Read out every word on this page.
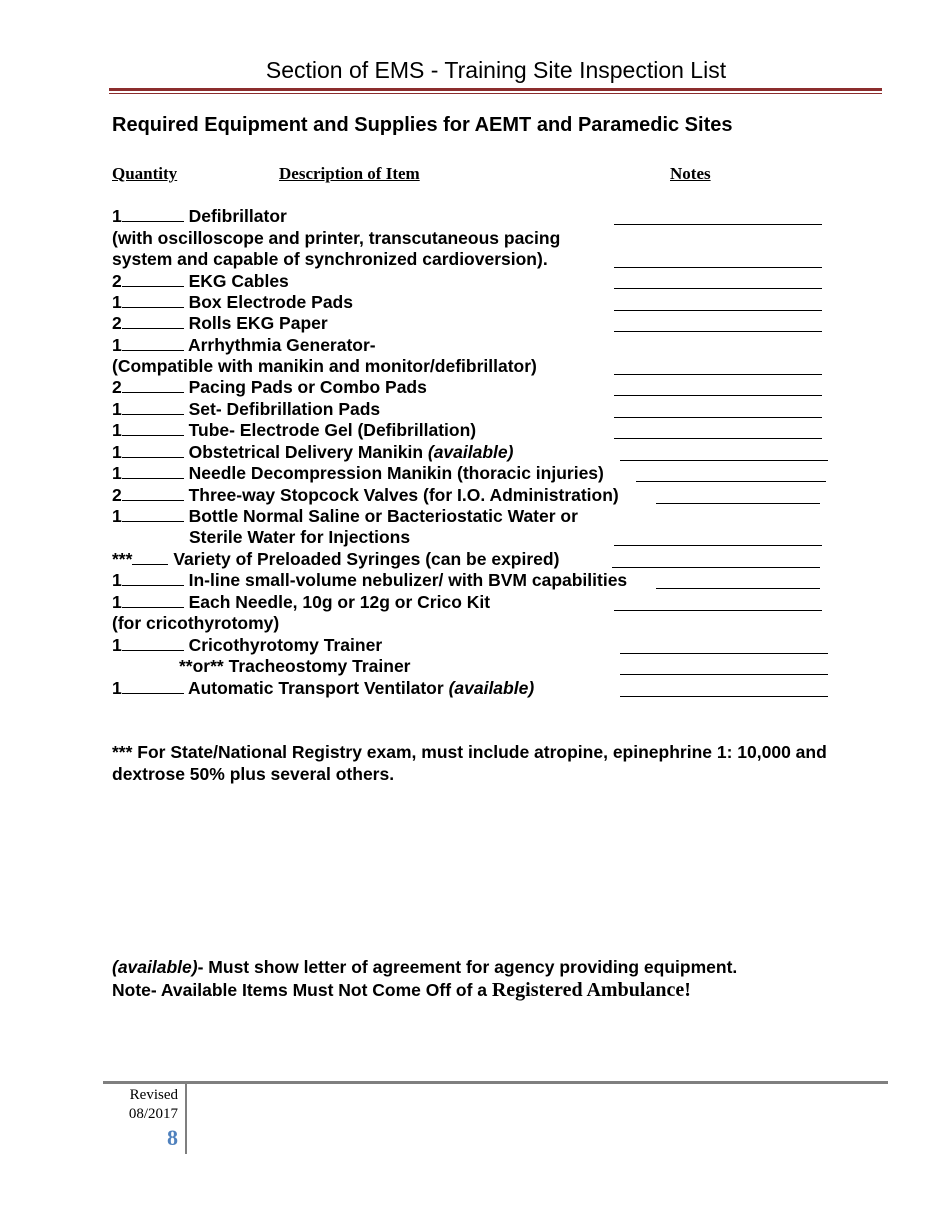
Section of EMS - Training Site Inspection List
Required Equipment and Supplies for AEMT and Paramedic Sites
Quantity	Description of Item	Notes
1	Defibrillator
(with oscilloscope and printer, transcutaneous pacing
system and capable of synchronized cardioversion).
2	EKG Cables
1	Box Electrode Pads
2	Rolls EKG Paper
1	Arrhythmia Generator-
(Compatible with manikin and monitor/defibrillator)
2	Pacing Pads or Combo Pads
1	Set- Defibrillation Pads
1	Tube- Electrode Gel (Defibrillation)
1	Obstetrical Delivery Manikin (available)
1	Needle Decompression Manikin (thoracic injuries)
2	Three-way Stopcock Valves (for I.O. Administration)
1	Bottle Normal Saline or Bacteriostatic Water or
Sterile Water for Injections
*** Variety of Preloaded Syringes (can be expired)
1	In-line small-volume nebulizer/ with BVM capabilities
1	Each Needle, 10g or 12g or Crico Kit
(for cricothyrotomy)
1	Cricothyrotomy Trainer
**or** Tracheostomy Trainer
1	Automatic Transport Ventilator (available)
*** For State/National Registry exam, must include atropine, epinephrine 1: 10,000 and
dextrose 50% plus several others.
(available)- Must show letter of agreement for agency providing equipment.
Note- Available Items Must Not Come Off of a Registered Ambulance!
Revised
08/2017
8
